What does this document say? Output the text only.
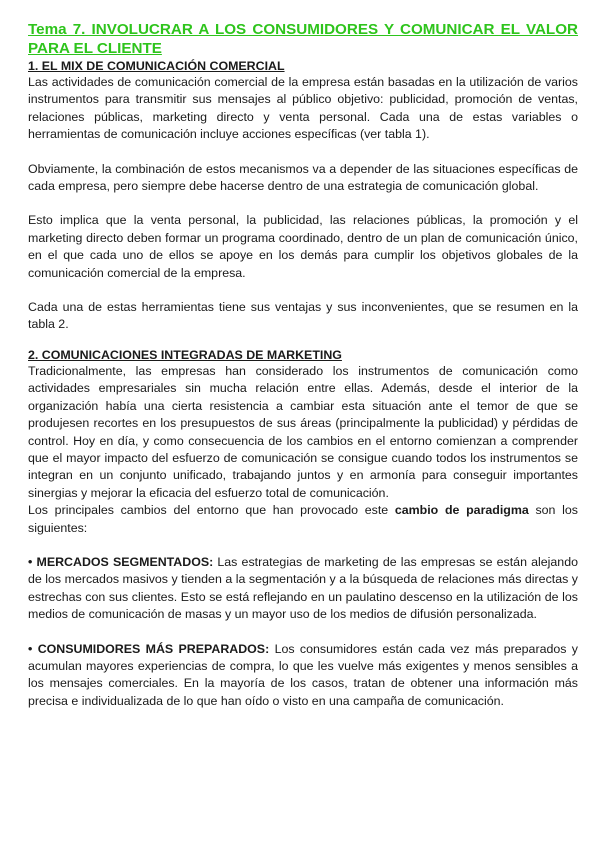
Tema 7. INVOLUCRAR A LOS CONSUMIDORES Y COMUNICAR EL VALOR PARA EL CLIENTE
1. EL MIX DE COMUNICACIÓN COMERCIAL

Las actividades de comunicación comercial de la empresa están basadas en la utilización de varios instrumentos para transmitir sus mensajes al público objetivo: publicidad, promoción de ventas, relaciones públicas, marketing directo y venta personal. Cada una de estas variables o herramientas de comunicación incluye acciones específicas (ver tabla 1).

Obviamente, la combinación de estos mecanismos va a depender de las situaciones específicas de cada empresa, pero siempre debe hacerse dentro de una estrategia de comunicación global.

Esto implica que la venta personal, la publicidad, las relaciones públicas, la promoción y el marketing directo deben formar un programa coordinado, dentro de un plan de comunicación único, en el que cada uno de ellos se apoye en los demás para cumplir los objetivos globales de la comunicación comercial de la empresa.

Cada una de estas herramientas tiene sus ventajas y sus inconvenientes, que se resumen en la tabla 2.

2. COMUNICACIONES INTEGRADAS DE MARKETING

Tradicionalmente, las empresas han considerado los instrumentos de comunicación como actividades empresariales sin mucha relación entre ellas. Además, desde el interior de la organización había una cierta resistencia a cambiar esta situación ante el temor de que se produjesen recortes en los presupuestos de sus áreas (principalmente la publicidad) y pérdidas de control. Hoy en día, y como consecuencia de los cambios en el entorno comienzan a comprender que el mayor impacto del esfuerzo de comunicación se consigue cuando todos los instrumentos se integran en un conjunto unificado, trabajando juntos y en armonía para conseguir importantes sinergias y mejorar la eficacia del esfuerzo total de comunicación.

Los principales cambios del entorno que han provocado este cambio de paradigma son los siguientes:

• MERCADOS SEGMENTADOS: Las estrategias de marketing de las empresas se están alejando de los mercados masivos y tienden a la segmentación y a la búsqueda de relaciones más directas y estrechas con sus clientes. Esto se está reflejando en un paulatino descenso en la utilización de los medios de comunicación de masas y un mayor uso de los medios de difusión personalizada.

• CONSUMIDORES MÁS PREPARADOS: Los consumidores están cada vez más preparados y acumulan mayores experiencias de compra, lo que les vuelve más exigentes y menos sensibles a los mensajes comerciales. En la mayoría de los casos, tratan de obtener una información más precisa e individualizada de lo que han oído o visto en una campaña de comunicación.
